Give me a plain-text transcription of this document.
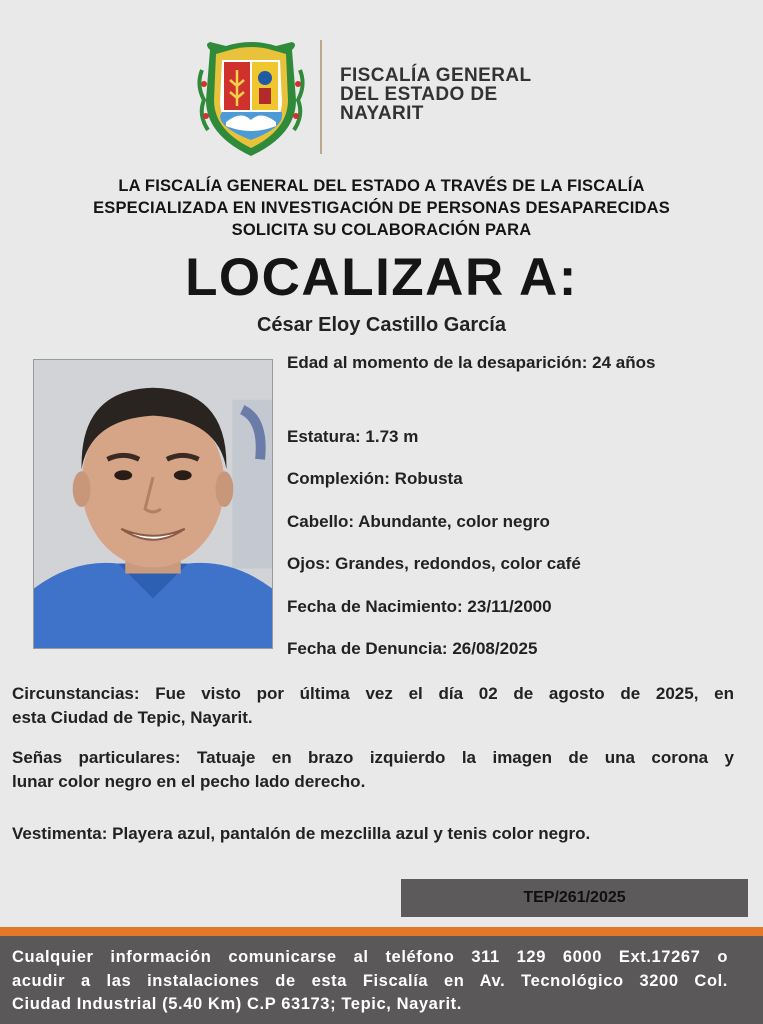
FISCALÍA GENERAL
DEL ESTADO DE
NAYARIT
LA FISCALÍA GENERAL DEL ESTADO A TRAVÉS DE LA FISCALÍA
ESPECIALIZADA EN INVESTIGACIÓN DE PERSONAS DESAPARECIDAS
SOLICITA SU COLABORACIÓN PARA
LOCALIZAR A:
César Eloy Castillo García
Edad al momento de la desaparición: 24 años
Estatura: 1.73 m
Complexión: Robusta
Cabello: Abundante, color negro
Ojos: Grandes, redondos, color café
Fecha de Nacimiento: 23/11/2000
Fecha de Denuncia: 26/08/2025
Circunstancias: Fue visto por última vez el día 02 de agosto de 2025, en
esta Ciudad de Tepic, Nayarit.
Señas particulares: Tatuaje en brazo izquierdo la imagen de una corona y
lunar color negro en el pecho lado derecho.
Vestimenta: Playera azul, pantalón de mezclilla azul y tenis color negro.
TEP/261/2025
Cualquier información comunicarse al teléfono 311 129 6000 Ext.17267 o
acudir a las instalaciones de esta Fiscalía en Av. Tecnológico 3200 Col.
Ciudad Industrial (5.40 Km) C.P 63173; Tepic, Nayarit.
